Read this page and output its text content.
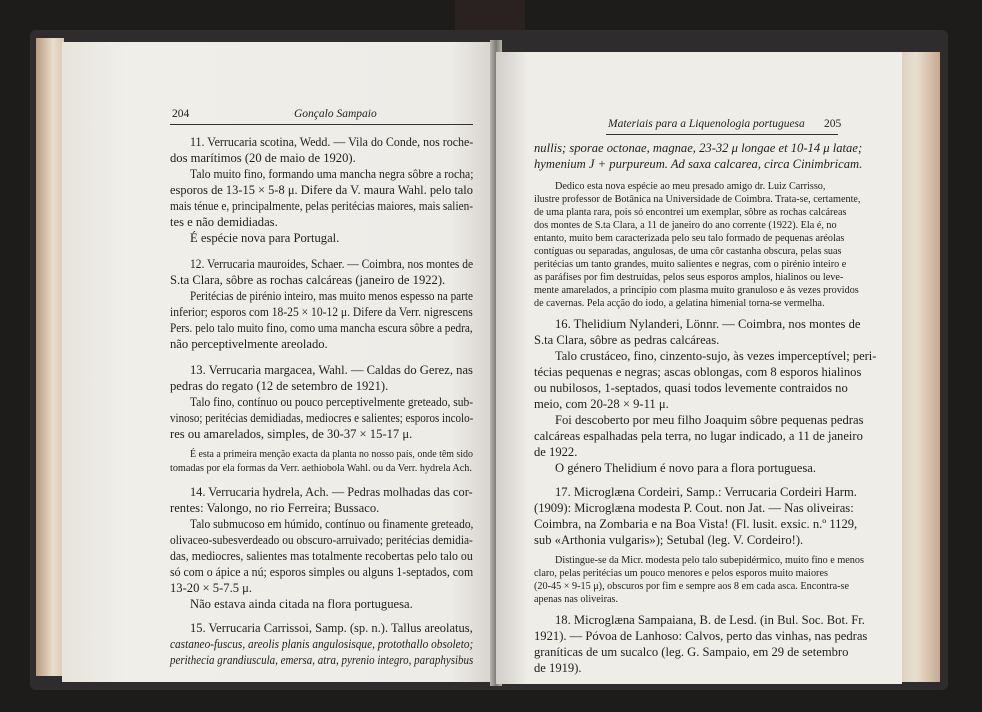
204	Gonçalo Sampaio
Materiais para a Liquenologia portuguesa 205
11. Verrucaria scotina, Wedd. — Vila do Conde, nos roche-
dos marítimos (20 de maio de 1920).
Talo muito fino, formando uma mancha negra sôbre a rocha;
esporos de 13-15 × 5-8 μ. Difere da V. maura Wahl. pelo talo
mais ténue e, principalmente, pelas peritécias maiores, mais salien-
tes e não demidiadas.
É espécie nova para Portugal.
12. Verrucaria mauroides, Schaer. — Coimbra, nos montes de
S.ta Clara, sôbre as rochas calcáreas (janeiro de 1922).
Peritécias de pirénio inteiro, mas muito menos espesso na parte
inferior; esporos com 18-25 × 10-12 μ. Difere da Verr. nigrescens
Pers. pelo talo muito fino, como uma mancha escura sôbre a pedra,
não perceptivelmente areolado.
13. Verrucaria margacea, Wahl. — Caldas do Gerez, nas
pedras do regato (12 de setembro de 1921).
Talo fino, contínuo ou pouco perceptivelmente greteado, sub-
vinoso; peritécias demidiadas, mediocres e salientes; esporos incolo-
res ou amarelados, simples, de 30-37 × 15-17 μ.
É esta a primeira menção exacta da planta no nosso país, onde têm sido
tomadas por ela formas da Verr. aethiobola Wahl. ou da Verr. hydrela Ach.
14. Verrucaria hydrela, Ach. — Pedras molhadas das cor-
rentes: Valongo, no rio Ferreira; Bussaco.
Talo submucoso em húmido, contínuo ou finamente greteado,
olivaceo-subesverdeado ou obscuro-arruivado; peritécias demidia-
das, mediocres, salientes mas totalmente recobertas pelo talo ou
só com o ápice a nú; esporos simples ou alguns 1-septados, com
13-20 × 5-7.5 μ.
Não estava ainda citada na flora portuguesa.
15. Verrucaria Carrissoi, Samp. (sp. n.). Tallus areolatus,
castaneo-fuscus, areolis planis angulosisque, protothallo obsoleto;
perithecia grandiuscula, emersa, atra, pyrenio integro, paraphysibus
nullis; sporae octonae, magnae, 23-32 μ longae et 10-14 μ latae;
hymenium J + purpureum. Ad saxa calcarea, circa Cinimbricam.
Dedico esta nova espécie ao meu presado amigo dr. Luiz Carrisso,
ilustre professor de Botânica na Universidade de Coimbra. Trata-se, certamente,
de uma planta rara, pois só encontrei um exemplar, sôbre as rochas calcáreas
dos montes de S.ta Clara, a 11 de janeiro do ano corrente (1922). Ela é, no
entanto, muito bem caracterizada pelo seu talo formado de pequenas aréolas
contíguas ou separadas, angulosas, de uma côr castanha obscura, pelas suas
peritécias um tanto grandes, muito salientes e negras, com o pirénio inteiro e
as paráfises por fim destruídas, pelos seus esporos amplos, hialinos ou leve-
mente amarelados, a princípio com plasma muito granuloso e às vezes providos
de cavernas. Pela acção do iodo, a gelatina himenial torna-se vermelha.
16. Thelidium Nylanderi, Lönnr. — Coimbra, nos montes de
S.ta Clara, sôbre as pedras calcáreas.
Talo crustáceo, fino, cinzento-sujo, às vezes imperceptível; peri-
técias pequenas e negras; ascas oblongas, com 8 esporos hialinos
ou nubilosos, 1-septados, quasi todos levemente contraidos no
meio, com 20-28 × 9-11 μ.
Foi descoberto por meu filho Joaquim sôbre pequenas pedras
calcáreas espalhadas pela terra, no lugar indicado, a 11 de janeiro
de 1922.
O género Thelidium é novo para a flora portuguesa.
17. Microglæna Cordeiri, Samp.: Verrucaria Cordeiri Harm.
(1909): Microglæna modesta P. Cout. non Jat. — Nas oliveiras:
Coimbra, na Zombaria e na Boa Vista! (Fl. lusit. exsic. n.º 1129,
sub «Arthonia vulgaris»); Setubal (leg. V. Cordeiro!).
Distingue-se da Micr. modesta pelo talo subepidérmico, muito fino e menos
claro, pelas peritécias um pouco menores e pelos esporos muito maiores
(20-45 × 9-15 μ), obscuros por fim e sempre aos 8 em cada asca. Encontra-se
apenas nas oliveiras.
18. Microglæna Sampaiana, B. de Lesd. (in Bul. Soc. Bot. Fr.
1921). — Póvoa de Lanhoso: Calvos, perto das vinhas, nas pedras
graníticas de um sucalco (leg. G. Sampaio, em 29 de setembro
de 1919).
